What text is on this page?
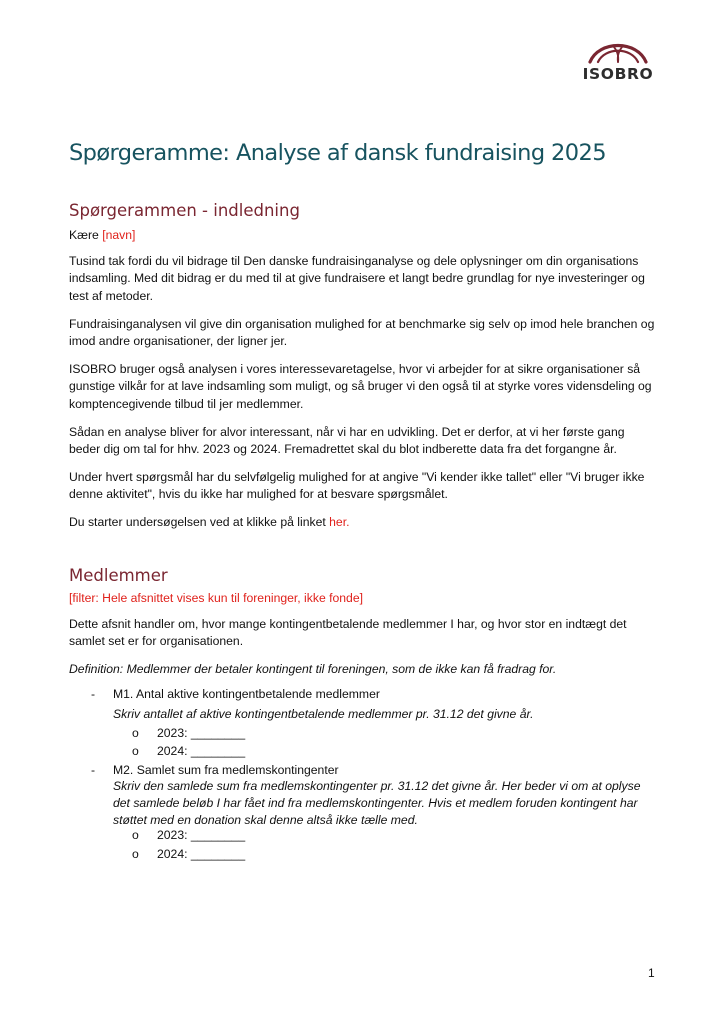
ISOBRO
Spørgeramme: Analyse af dansk fundraising 2025
Spørgerammen - indledning

Kære [navn]

Tusind tak fordi du vil bidrage til Den danske fundraisinganalyse og dele oplysninger om din organisations indsamling. Med dit bidrag er du med til at give fundraisere et langt bedre grundlag for nye investeringer og test af metoder.

Fundraisinganalysen vil give din organisation mulighed for at benchmarke sig selv op imod hele branchen og imod andre organisationer, der ligner jer.

ISOBRO bruger også analysen i vores interessevaretagelse, hvor vi arbejder for at sikre organisationer så gunstige vilkår for at lave indsamling som muligt, og så bruger vi den også til at styrke vores vidensdeling og komptencegivende tilbud til jer medlemmer.

Sådan en analyse bliver for alvor interessant, når vi har en udvikling. Det er derfor, at vi her første gang beder dig om tal for hhv. 2023 og 2024. Fremadrettet skal du blot indberette data fra det forgangne år.

Under hvert spørgsmål har du selvfølgelig mulighed for at angive "Vi kender ikke tallet" eller "Vi bruger ikke denne aktivitet", hvis du ikke har mulighed for at besvare spørgsmålet.

Du starter undersøgelsen ved at klikke på linket her.

Medlemmer

[filter: Hele afsnittet vises kun til foreninger, ikke fonde]

Dette afsnit handler om, hvor mange kontingentbetalende medlemmer I har, og hvor stor en indtægt det samlet set er for organisationen.

Definition: Medlemmer der betaler kontingent til foreningen, som de ikke kan få fradrag for.

- M1. Antal aktive kontingentbetalende medlemmer

Skriv antallet af aktive kontingentbetalende medlemmer pr. 31.12 det givne år.

o 2023: ________

o 2024: ________

- M2. Samlet sum fra medlemskontingenter

Skriv den samlede sum fra medlemskontingenter pr. 31.12 det givne år. Her beder vi om at oplyse det samlede beløb I har fået ind fra medlemskontingenter. Hvis et medlem foruden kontingent har støttet med en donation skal denne altså ikke tælle med.

o 2023: ________

o 2024: ________

1
